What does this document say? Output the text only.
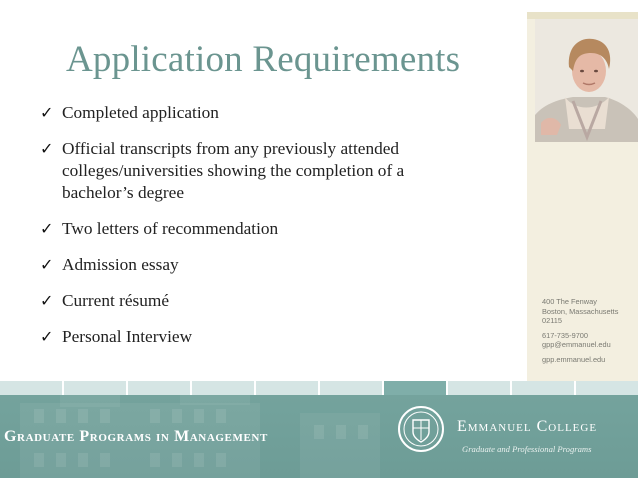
400 The Fenway
Boston, Massachusetts
02115
617-735-9700
gpp@emmanuel.edu
gpp.emmanuel.edu
Application Requirements
✓ Completed application
✓ Official transcripts from any previously attended
colleges/universities showing the completion of a
bachelor’s degree
✓ Two letters of recommendation
✓ Admission essay
✓ Current résumé
✓ Personal Interview
Graduate Programs in Management
Emmanuel College
Graduate and Professional Programs
